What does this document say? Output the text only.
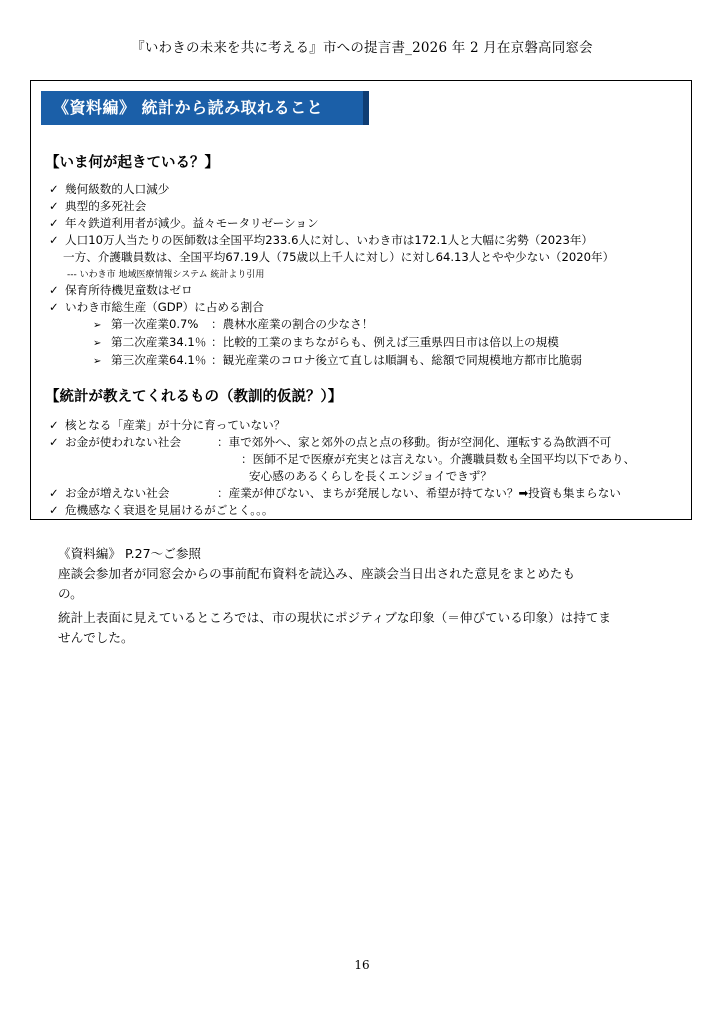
『いわきの未来を共に考える』市への提言書_2026 年 2 月在京磐高同窓会
《資料編》 統計から読み取れること
【いま何が起きている？】
✓ 幾何級数的人口減少
✓ 典型的多死社会
✓ 年々鉄道利用者が減少。益々モータリゼーション
✓ 人口10万人当たりの医師数は全国平均233.6人に対し、いわき市は172.1人と大幅に劣勢（2023年）
一方、介護職員数は、全国平均67.19人（75歳以上千人に対し）に対し64.13人とやや少ない（2020年）
--- いわき市 地域医療情報システム 統計より引用
✓ 保育所待機児童数はゼロ
✓ いわき市総生産（GDP）に占める割合
➢ 第一次産業0.7% ：農林水産業の割合の少なさ！
➢ 第二次産業34.1％ ：比較的工業のまちながらも、例えば三重県四日市は倍以上の規模
➢ 第三次産業64.1％ ：観光産業のコロナ後立て直しは順調も、総額で同規模地方都市比脆弱
【統計が教えてくれるもの（教訓的仮説？）】
✓ 核となる「産業」が十分に育っていない？
✓ お金が使われない社会	：車で郊外へ、家と郊外の点と点の移動。街が空洞化、運転する為飲酒不可
：医師不足で医療が充実とは言えない。介護職員数も全国平均以下であり、
安心感のあるくらしを長くエンジョイできず？
✓ お金が増えない社会	：産業が伸びない、まちが発展しない、希望が持てない？➡投資も集まらない
✓ 危機感なく衰退を見届けるがごとく。。。
《資料編》 P.27～ご参照
座談会参加者が同窓会からの事前配布資料を読込み、座談会当日出された意見をまとめたも
の。
統計上表面に見えているところでは、市の現状にポジティブな印象（＝伸びている印象）は持てま
せんでした。
16
